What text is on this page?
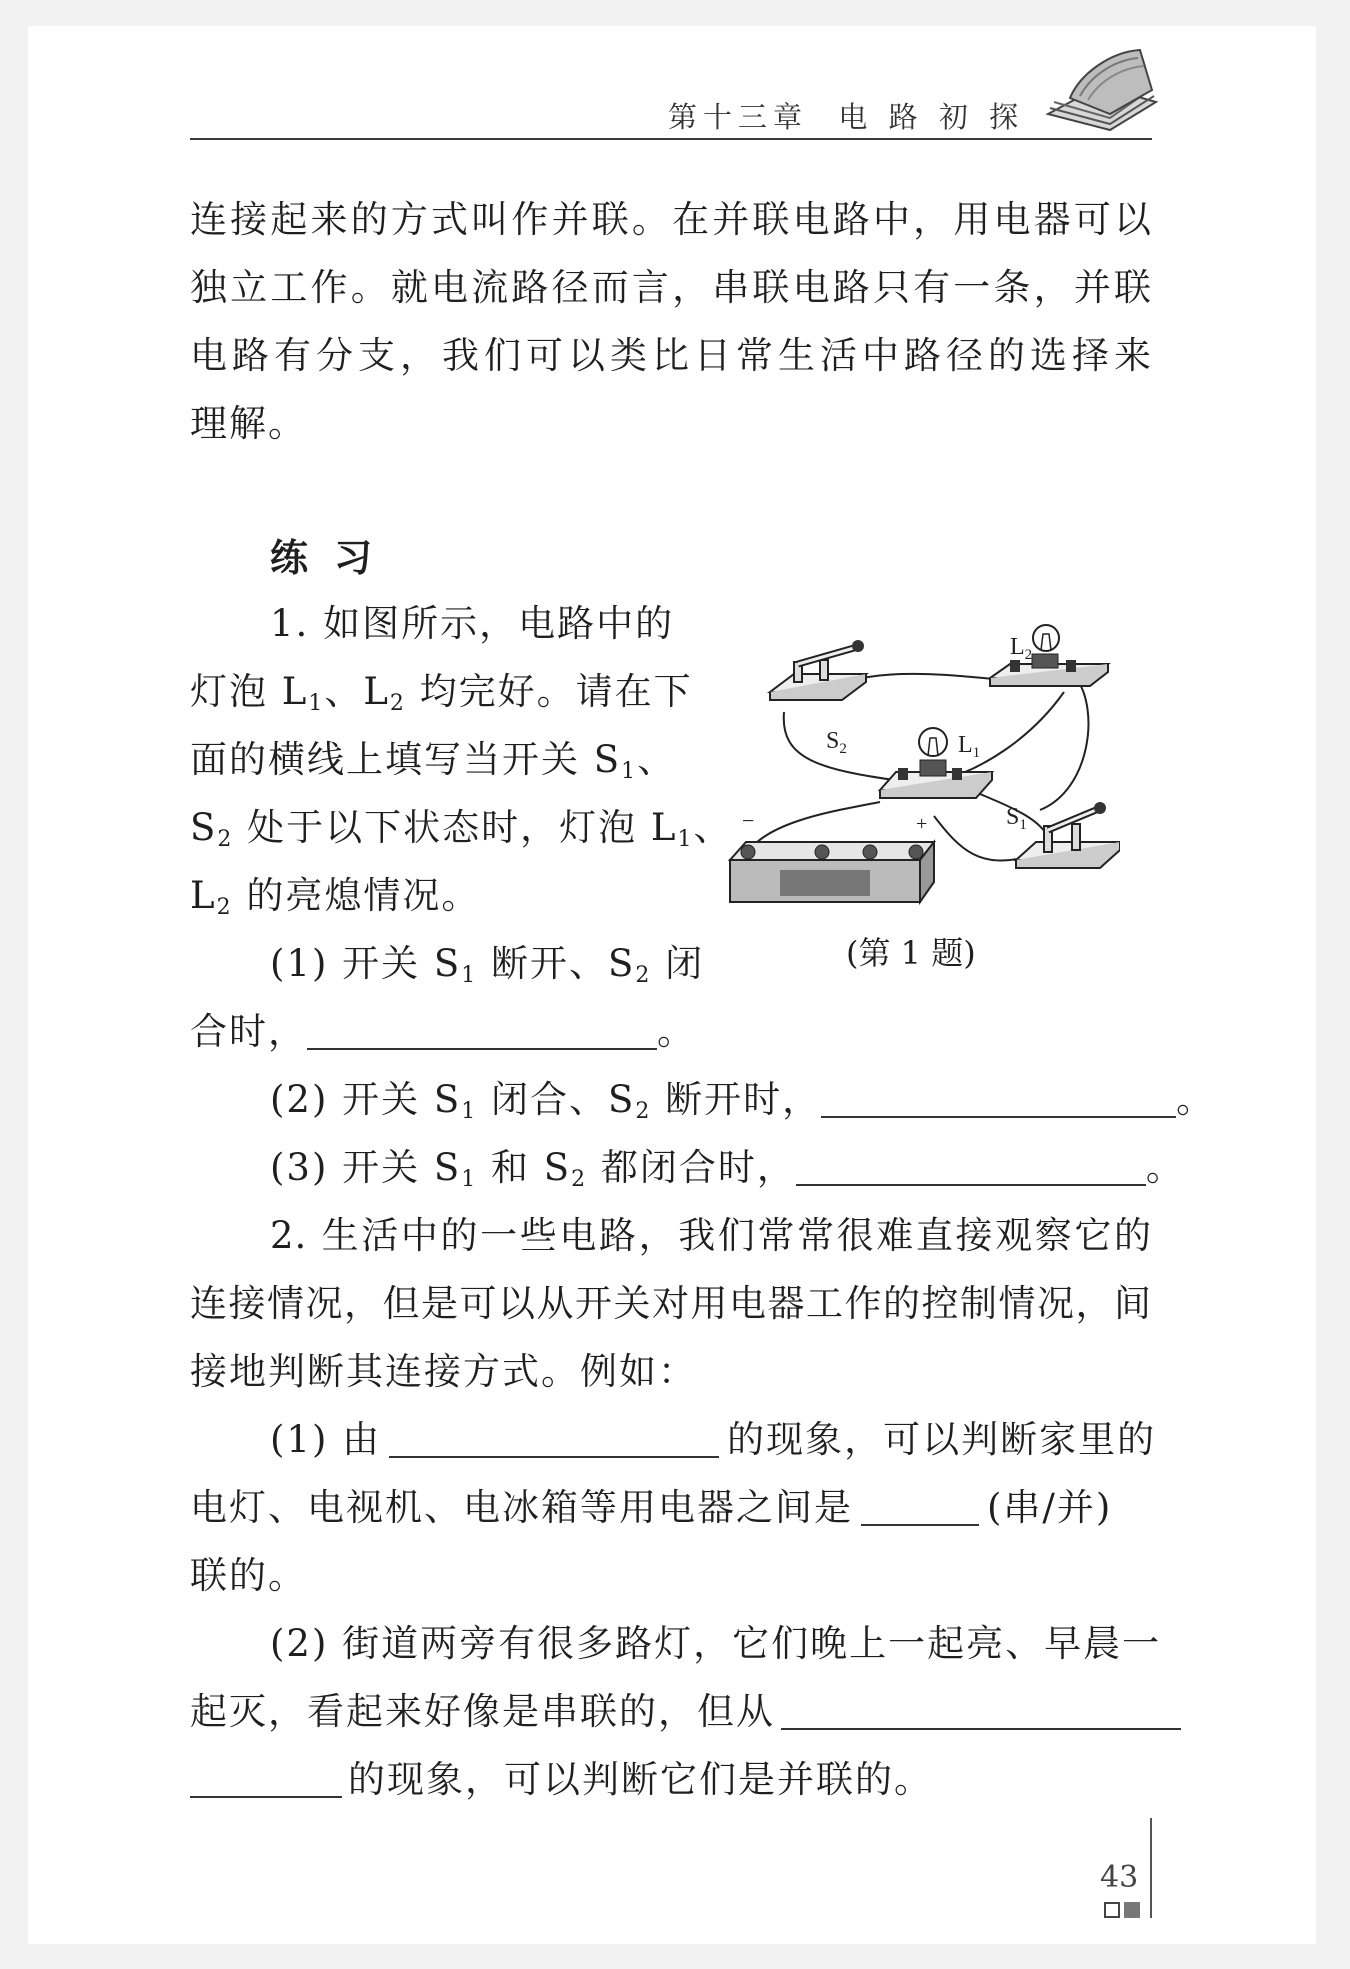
第十三章  电 路 初 探
连接起来的方式叫作并联。在并联电路中，用电器可以
独立工作。就电流路径而言，串联电路只有一条，并联
电路有分支，我们可以类比日常生活中路径的选择来
理解。
练习
1. 如图所示，电路中的
灯泡 $L_1$、$L_2$ 均完好。请在下
面的横线上填写当开关 $S_1$、
$S_2$ 处于以下状态时，灯泡 $L_1$、
$L_2$ 的亮熄情况。
(1) 开关 $S_1$ 断开、$S_2$ 闭
合时，	。
(2) 开关 $S_1$ 闭合、$S_2$ 断开时，	。
(3) 开关 $S_1$ 和 $S_2$ 都闭合时，	。
$L_2$
$L_1$
$S_2$
$S_1$
−	+
(第 1 题)
2. 生活中的一些电路，我们常常很难直接观察它的
连接情况，但是可以从开关对用电器工作的控制情况，间
接地判断其连接方式。例如：
(1) 由	的现象，可以判断家里的
电灯、电视机、电冰箱等用电器之间是	(串/并)
联的。
(2) 街道两旁有很多路灯，它们晚上一起亮、早晨一
起灭，看起来好像是串联的，但从
的现象，可以判断它们是并联的。
43
